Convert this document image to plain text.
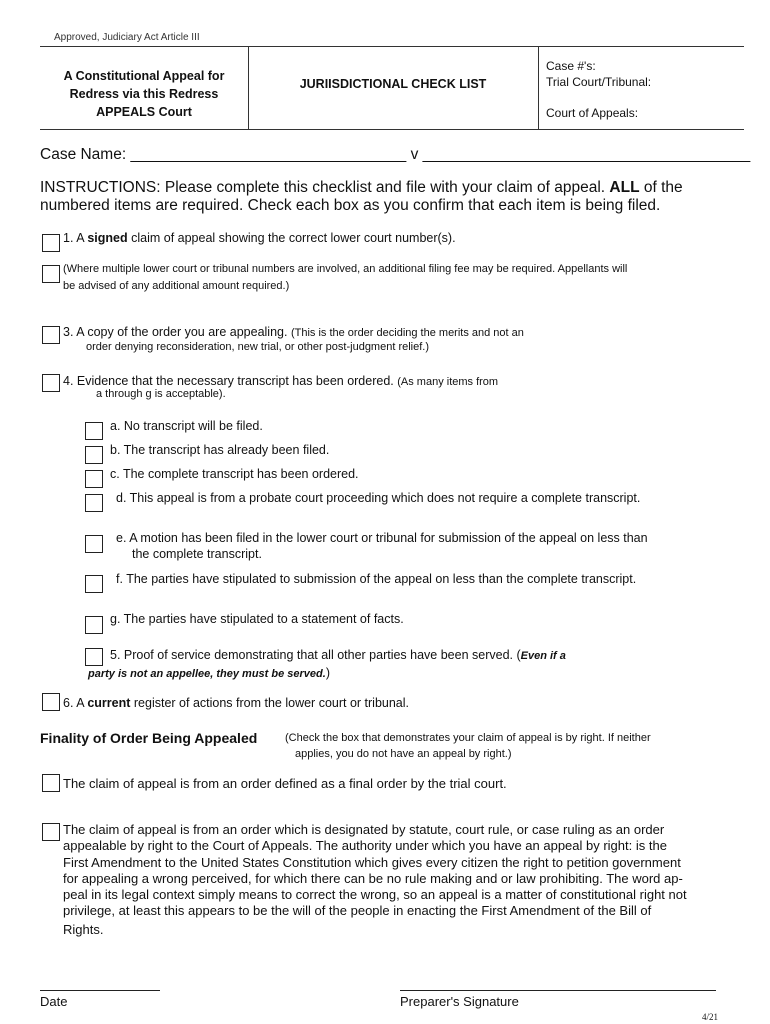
Approved, Judiciary Act Article III
A Constitutional Appeal for
Redress via this Redress
APPEALS Court
JURIISDICTIONAL CHECK LIST
Case #'s:
Trial Court/Tribunal:
Court of Appeals:
Case Name: ________________________________ v ______________________________________
INSTRUCTIONS: Please complete this checklist and file with your claim of appeal. ALL of the
numbered items are required. Check each box as you confirm that each item is being filed.
1. A signed claim of appeal showing the correct lower court number(s).
(Where multiple lower court or tribunal numbers are involved, an additional filing fee may be required. Appellants will
be advised of any additional amount required.)
3. A copy of the order you are appealing. (This is the order deciding the merits and not an
order denying reconsideration, new trial, or other post-judgment relief.)
4. Evidence that the necessary transcript has been ordered. (As many items from
a through g is acceptable).
a. No transcript will be filed.
b. The transcript has already been filed.
c. The complete transcript has been ordered.
d. This appeal is from a probate court proceeding which does not require a complete transcript.
e. A motion has been filed in the lower court or tribunal for submission of the appeal on less than
the complete transcript.
f. The parties have stipulated to submission of the appeal on less than the complete transcript.
g. The parties have stipulated to a statement of facts.
5. Proof of service demonstrating that all other parties have been served. (Even if a
party is not an appellee, they must be served.)
6. A current register of actions from the lower court or tribunal.
Finality of Order Being Appealed	(Check the box that demonstrates your claim of appeal is by right. If neither
applies, you do not have an appeal by right.)
The claim of appeal is from an order defined as a final order by the trial court.
The claim of appeal is from an order which is designated by statute, court rule, or case ruling as an order
appealable by right to the Court of Appeals. The authority under which you have an appeal by right: is the
First Amendment to the United States Constitution which gives every citizen the right to petition government
for appealing a wrong perceived, for which there can be no rule making and or law prohibiting. The word ap-
peal in its legal context simply means to correct the wrong, so an appeal is a matter of constitutional right not
privilege, at least this appears to be the will of the people in enacting the First Amendment of the Bill of
Rights.
Date	Preparer's Signature
4/21
